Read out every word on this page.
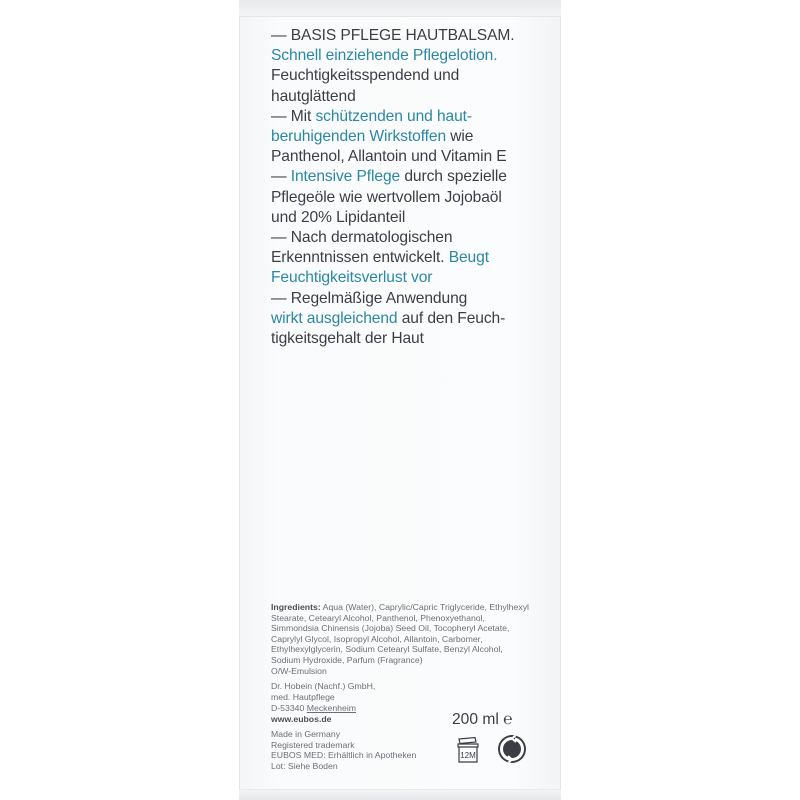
— BASIS PFLEGE HAUTBALSAM.
Schnell einziehende Pflegelotion.
Feuchtigkeitsspendend und
hautglättend
— Mit schützenden und haut-
beruhigenden Wirkstoffen wie
Panthenol, Allantoin und Vitamin E
— Intensive Pflege durch spezielle
Pflegeöle wie wertvollem Jojobaöl
und 20% Lipidanteil
— Nach dermatologischen
Erkenntnissen entwickelt. Beugt
Feuchtigkeitsverlust vor
— Regelmäßige Anwendung
wirkt ausgleichend auf den Feuch-
tigkeitsgehalt der Haut
Ingredients: Aqua (Water), Caprylic/Capric Triglyceride, Ethylhexyl
Stearate, Cetearyl Alcohol, Panthenol, Phenoxyethanol,
Simmondsia Chinensis (Jojoba) Seed Oil, Tocopheryl Acetate,
Caprylyl Glycol, Isopropyl Alcohol, Allantoin, Carbomer,
Ethylhexylglycerin, Sodium Cetearyl Sulfate, Benzyl Alcohol,
Sodium Hydroxide, Parfum (Fragrance)
O/W-Emulsion
Dr. Hobein (Nachf.) GmbH,
med. Hautpflege
D-53340 Meckenheim
www.eubos.de
Made in Germany
Registered trademark
EUBOS MED: Erhältlich in Apotheken
Lot: Siehe Boden
200 ml ℮
12M
